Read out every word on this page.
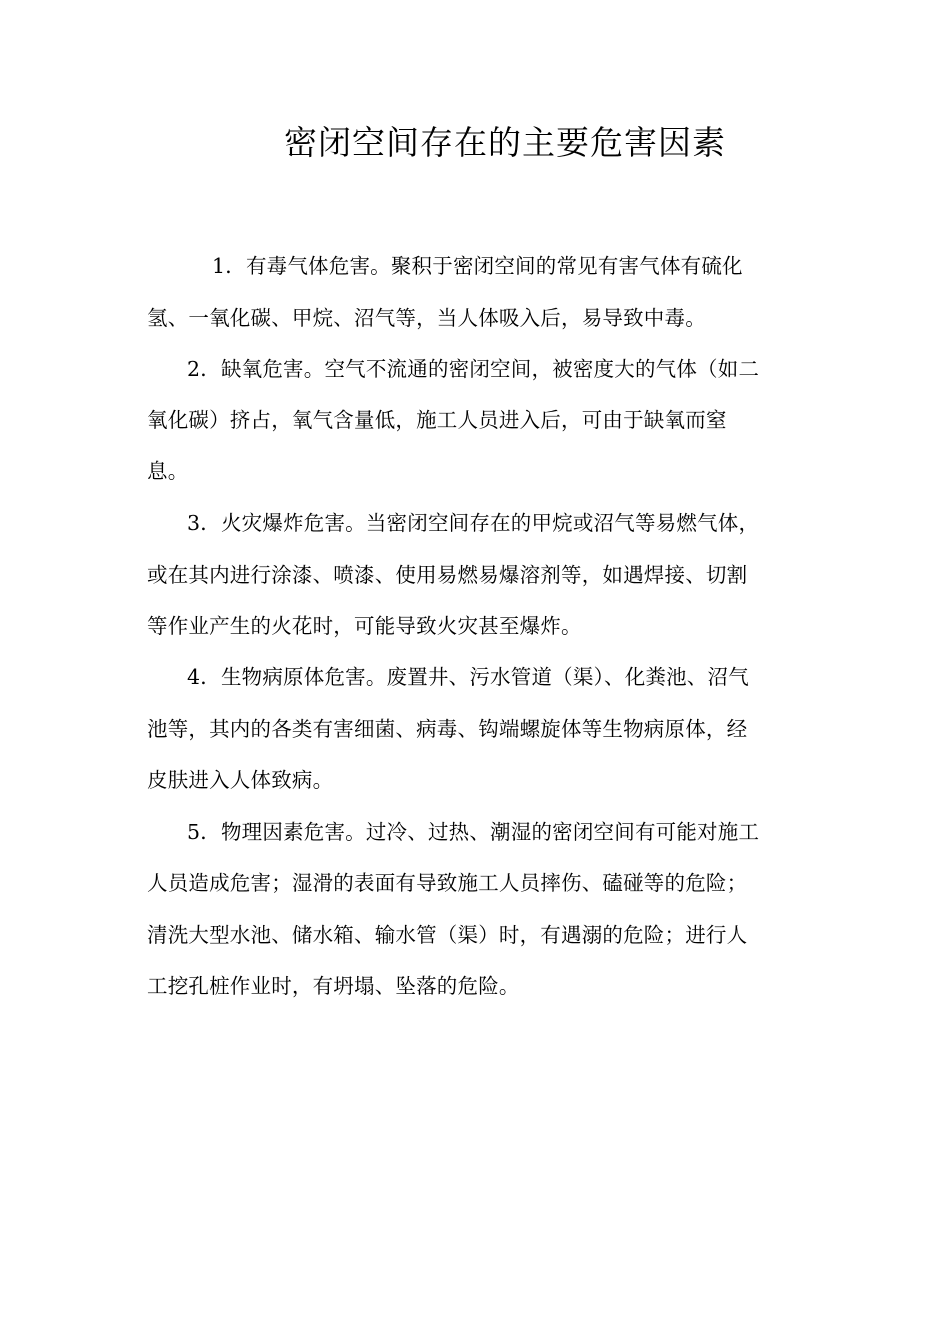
密闭空间存在的主要危害因素

1．有毒气体危害。聚积于密闭空间的常见有害气体有硫化

氢、一氧化碳、甲烷、沼气等，当人体吸入后，易导致中毒。

2．缺氧危害。空气不流通的密闭空间，被密度大的气体（如二

氧化碳）挤占，氧气含量低，施工人员进入后，可由于缺氧而窒

息。

3．火灾爆炸危害。当密闭空间存在的甲烷或沼气等易燃气体，

或在其内进行涂漆、喷漆、使用易燃易爆溶剂等，如遇焊接、切割

等作业产生的火花时，可能导致火灾甚至爆炸。

4．生物病原体危害。废置井、污水管道（渠）、化粪池、沼气

池等，其内的各类有害细菌、病毒、钩端螺旋体等生物病原体，经

皮肤进入人体致病。

5．物理因素危害。过冷、过热、潮湿的密闭空间有可能对施工

人员造成危害；湿滑的表面有导致施工人员摔伤、磕碰等的危险；

清洗大型水池、储水箱、输水管（渠）时，有遇溺的危险；进行人

工挖孔桩作业时，有坍塌、坠落的危险。
